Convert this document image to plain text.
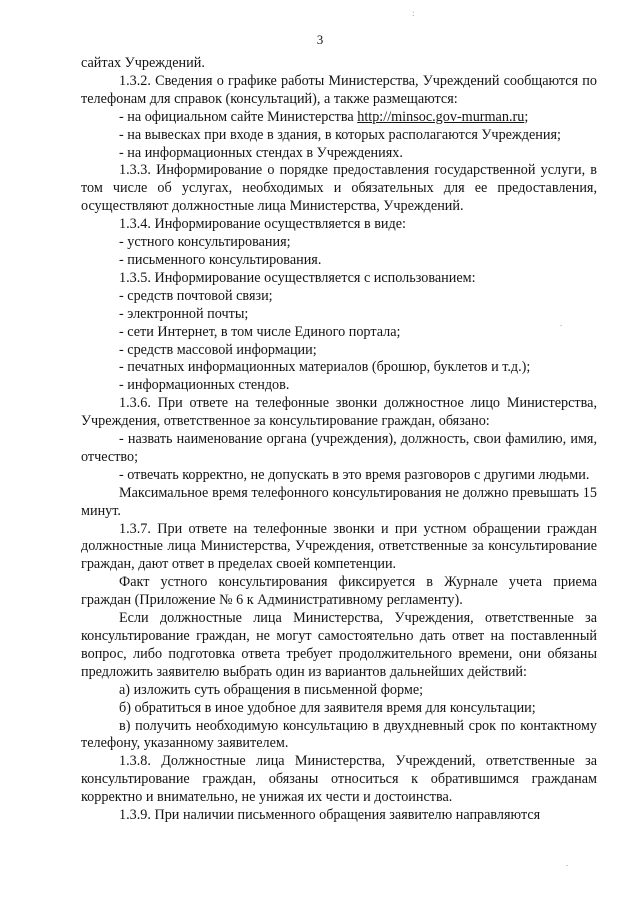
3
:
.
.

сайтах Учреждений.

1.3.2. Сведения о графике работы Министерства, Учреждений сообщаются по телефонам для справок (консультаций), а также размещаются:

- на официальном сайте Министерства http://minsoc.gov-murman.ru;

- на вывесках при входе в здания, в которых располагаются Учреждения;

- на информационных стендах в Учреждениях.

1.3.3. Информирование о порядке предоставления государственной услуги, в том числе об услугах, необходимых и обязательных для ее предоставления, осуществляют должностные лица Министерства, Учреждений.

1.3.4. Информирование осуществляется в виде:

- устного консультирования;

- письменного консультирования.

1.3.5. Информирование осуществляется с использованием:

- средств почтовой связи;

- электронной почты;

- сети Интернет, в том числе Единого портала;

- средств массовой информации;

- печатных информационных материалов (брошюр, буклетов и т.д.);

- информационных стендов.

1.3.6. При ответе на телефонные звонки должностное лицо Министерства, Учреждения, ответственное за консультирование граждан, обязано:

- назвать наименование органа (учреждения), должность, свои фамилию, имя, отчество;

- отвечать корректно, не допускать в это время разговоров с другими людьми.

Максимальное время телефонного консультирования не должно превышать 15 минут.

1.3.7. При ответе на телефонные звонки и при устном обращении граждан должностные лица Министерства, Учреждения, ответственные за консультирование граждан, дают ответ в пределах своей компетенции.

Факт устного консультирования фиксируется в Журнале учета приема граждан (Приложение № 6 к Административному регламенту).

Если должностные лица Министерства, Учреждения, ответственные за консультирование граждан, не могут самостоятельно дать ответ на поставленный вопрос, либо подготовка ответа требует продолжительного времени, они обязаны предложить заявителю выбрать один из вариантов дальнейших действий:

а) изложить суть обращения в письменной форме;

б) обратиться в иное удобное для заявителя время для консультации;

в) получить необходимую консультацию в двухдневный срок по контактному телефону, указанному заявителем.

1.3.8. Должностные лица Министерства, Учреждений, ответственные за консультирование граждан, обязаны относиться к обратившимся гражданам корректно и внимательно, не унижая их чести и достоинства.

1.3.9. При наличии письменного обращения заявителю направляются
